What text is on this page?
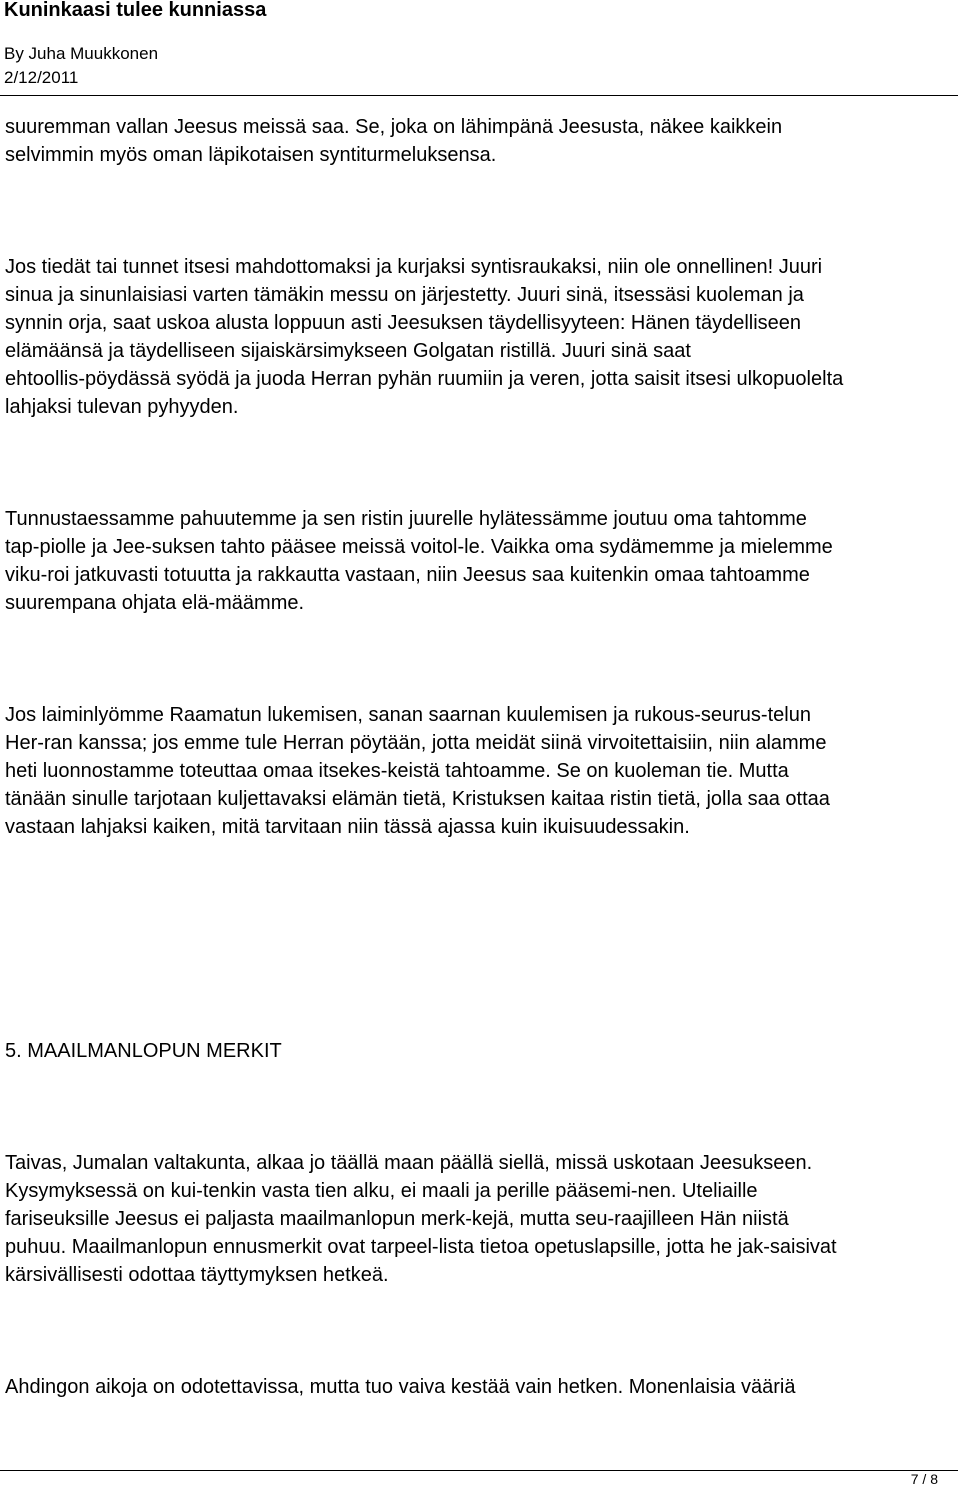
Kuninkaasi tulee kunniassa
By Juha Muukkonen
2/12/2011
suuremman vallan Jeesus meissä saa. Se, joka on lähimpänä Jeesusta, näkee kaikkein
selvimmin myös oman läpikotaisen syntiturmeluksensa.
Jos tiedät tai tunnet itsesi mahdottomaksi ja kurjaksi syntisraukaksi, niin ole onnellinen! Juuri
sinua ja sinunlaisiasi varten tämäkin messu on järjestetty. Juuri sinä, itsessäsi kuoleman ja
synnin orja, saat uskoa alusta loppuun asti Jeesuksen täydellisyyteen: Hänen täydelliseen
elämäänsä ja täydelliseen sijaiskärsimykseen Golgatan ristillä. Juuri sinä saat
ehtoollis-pöydässä syödä ja juoda Herran pyhän ruumiin ja veren, jotta saisit itsesi ulkopuolelta
lahjaksi tulevan pyhyyden.
Tunnustaessamme pahuutemme ja sen ristin juurelle hylätessämme joutuu oma tahtomme
tap-piolle ja Jee-suksen tahto pääsee meissä voitol-le. Vaikka oma sydämemme ja mielemme
viku-roi jatkuvasti totuutta ja rakkautta vastaan, niin Jeesus saa kuitenkin omaa tahtoamme
suurempana ohjata elä-määmme.
Jos laiminlyömme Raamatun lukemisen, sanan saarnan kuulemisen ja rukous-seurus-telun
Her-ran kanssa; jos emme tule Herran pöytään, jotta meidät siinä virvoitettaisiin, niin alamme
heti luonnostamme toteuttaa omaa itsekes-keistä tahtoamme. Se on kuoleman tie. Mutta
tänään sinulle tarjotaan kuljettavaksi elämän tietä, Kristuksen kaitaa ristin tietä, jolla saa ottaa
vastaan lahjaksi kaiken, mitä tarvitaan niin tässä ajassa kuin ikuisuudessakin.
5. MAAILMANLOPUN MERKIT
Taivas, Jumalan valtakunta, alkaa jo täällä maan päällä siellä, missä uskotaan Jeesukseen.
Kysymyksessä on kui-tenkin vasta tien alku, ei maali ja perille pääsemi-nen. Uteliaille
fariseuksille Jeesus ei paljasta maailmanlopun merk-kejä, mutta seu-raajilleen Hän niistä
puhuu. Maailmanlopun ennusmerkit ovat tarpeel-lista tietoa opetuslapsille, jotta he jak-saisivat
kärsivällisesti odottaa täyttymyksen hetkeä.
Ahdingon aikoja on odotettavissa, mutta tuo vaiva kestää vain hetken. Monenlaisia vääriä
7 / 8
